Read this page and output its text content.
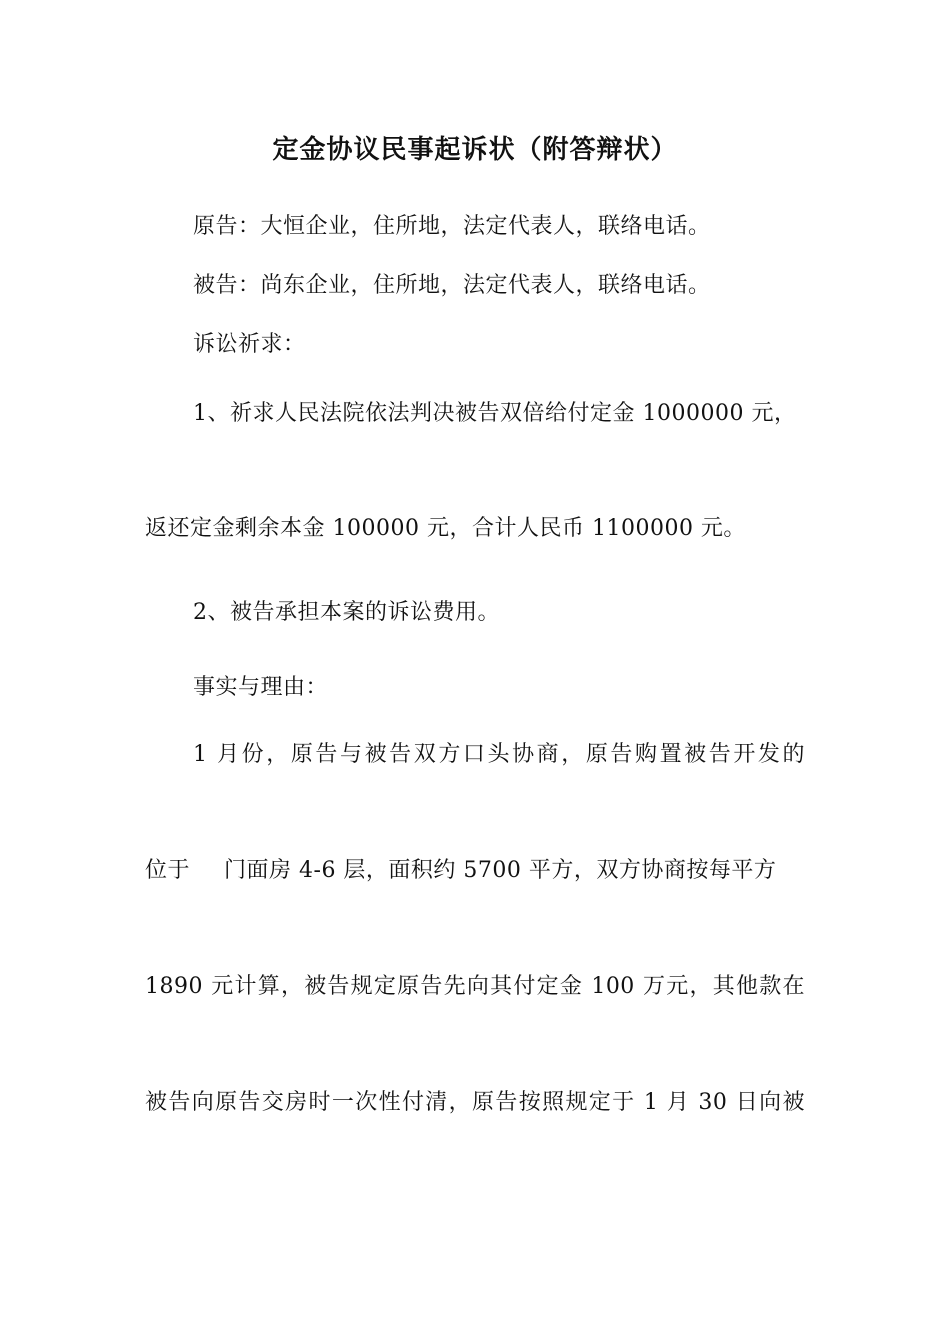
定金协议民事起诉状（附答辩状）
原告：大恒企业，住所地，法定代表人，联络电话。
被告：尚东企业，住所地，法定代表人，联络电话。
诉讼祈求：
1、祈求人民法院依法判决被告双倍给付定金 1000000 元，
返还定金剩余本金 100000 元，合计人民币 1100000 元。
2、被告承担本案的诉讼费用。
事实与理由：
1 月份，原告与被告双方口头协商，原告购置被告开发的
位于 门面房 4-6 层，面积约 5700 平方，双方协商按每平方
1890 元计算，被告规定原告先向其付定金 100 万元，其他款在
被告向原告交房时一次性付清，原告按照规定于 1 月 30 日向被
